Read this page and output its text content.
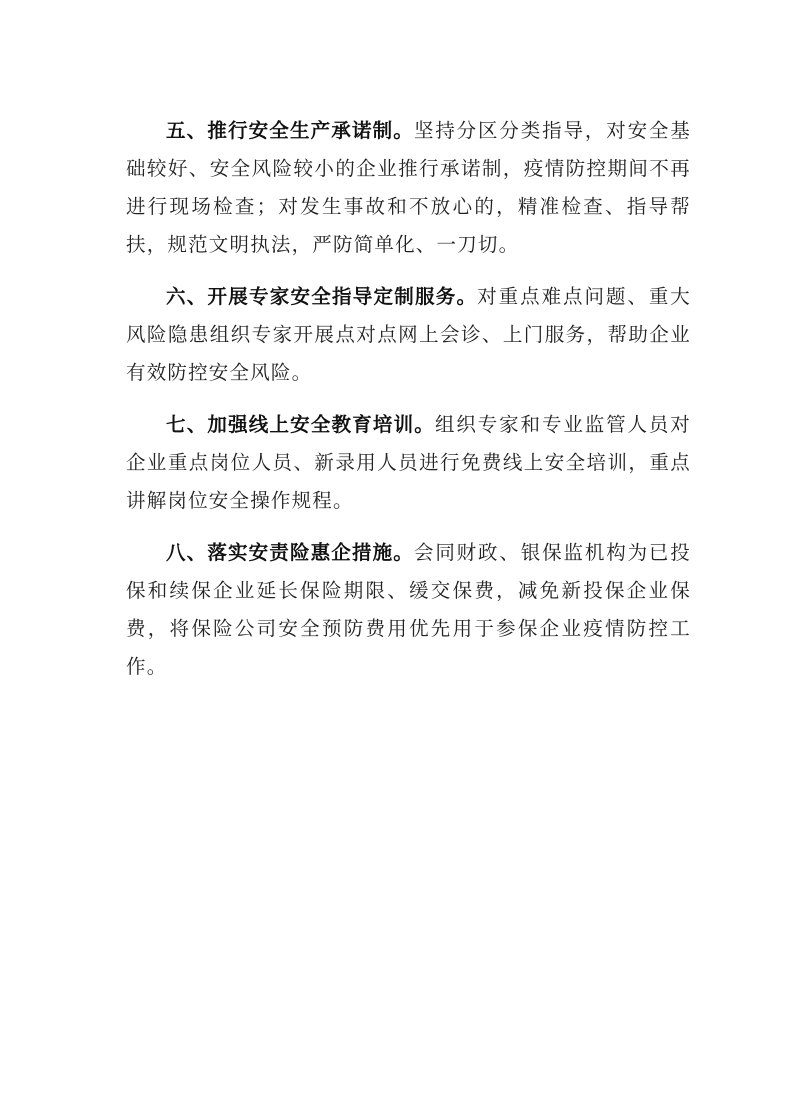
五、推行安全生产承诺制。坚持分区分类指导，对安全基础较好、安全风险较小的企业推行承诺制，疫情防控期间不再进行现场检查；对发生事故和不放心的，精准检查、指导帮扶，规范文明执法，严防简单化、一刀切。

六、开展专家安全指导定制服务。对重点难点问题、重大风险隐患组织专家开展点对点网上会诊、上门服务，帮助企业有效防控安全风险。

七、加强线上安全教育培训。组织专家和专业监管人员对企业重点岗位人员、新录用人员进行免费线上安全培训，重点讲解岗位安全操作规程。

八、落实安责险惠企措施。会同财政、银保监机构为已投保和续保企业延长保险期限、缓交保费，减免新投保企业保费，将保险公司安全预防费用优先用于参保企业疫情防控工作。
